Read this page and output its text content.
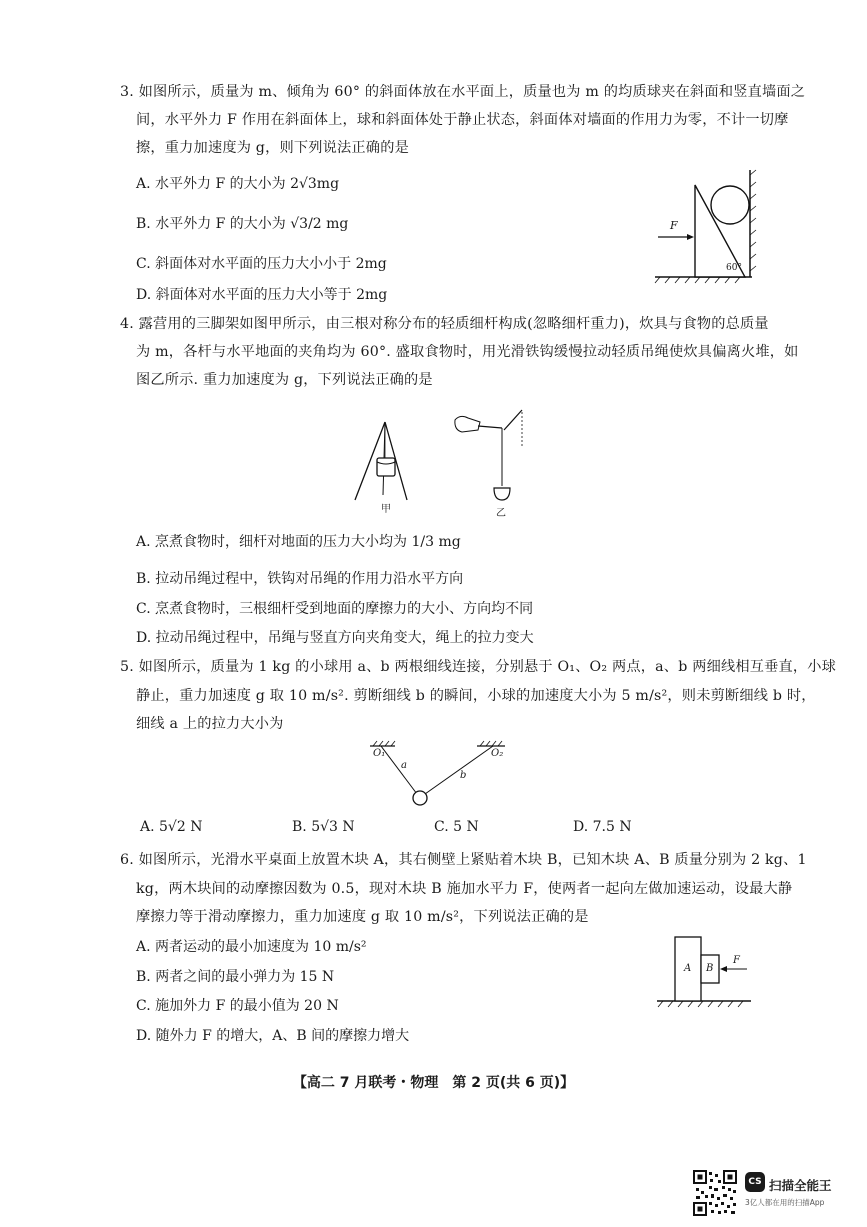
3. 如图所示，质量为 m、倾角为 60° 的斜面体放在水平面上，质量也为 m 的均质球夹在斜面和竖直墙面之
间，水平外力 F 作用在斜面体上，球和斜面体处于静止状态，斜面体对墙面的作用力为零，不计一切摩
擦，重力加速度为 g，则下列说法正确的是
A. 水平外力 F 的大小为 2√3mg
B. 水平外力 F 的大小为 √3/2 mg
C. 斜面体对水平面的压力大小小于 2mg
D. 斜面体对水平面的压力大小等于 2mg
F
60°
4. 露营用的三脚架如图甲所示，由三根对称分布的轻质细杆构成(忽略细杆重力)，炊具与食物的总质量
为 m，各杆与水平地面的夹角均为 60°. 盛取食物时，用光滑铁钩缓慢拉动轻质吊绳使炊具偏离火堆，如
图乙所示. 重力加速度为 g，下列说法正确的是
甲	乙
A. 烹煮食物时，细杆对地面的压力大小均为 1/3 mg
B. 拉动吊绳过程中，铁钩对吊绳的作用力沿水平方向
C. 烹煮食物时，三根细杆受到地面的摩擦力的大小、方向均不同
D. 拉动吊绳过程中，吊绳与竖直方向夹角变大，绳上的拉力变大
5. 如图所示，质量为 1 kg 的小球用 a、b 两根细线连接，分别悬于 O₁、O₂ 两点，a、b 两细线相互垂直，小球
静止，重力加速度 g 取 10 m/s². 剪断细线 b 的瞬间，小球的加速度大小为 5 m/s²，则未剪断细线 b 时，
细线 a 上的拉力大小为
O₁	O₂
a
b
A. 5√2 N	B. 5√3 N	C. 5 N	D. 7.5 N
6. 如图所示，光滑水平桌面上放置木块 A，其右侧壁上紧贴着木块 B，已知木块 A、B 质量分别为 2 kg、1
kg，两木块间的动摩擦因数为 0.5，现对木块 B 施加水平力 F，使两者一起向左做加速运动，设最大静
摩擦力等于滑动摩擦力，重力加速度 g 取 10 m/s²，下列说法正确的是
A. 两者运动的最小加速度为 10 m/s²
B. 两者之间的最小弹力为 15 N
C. 施加外力 F 的最小值为 20 N
D. 随外力 F 的增大，A、B 间的摩擦力增大
A B
F
【高二 7 月联考・物理　第 2 页(共 6 页)】
CS 扫描全能王
3亿人都在用的扫描App
